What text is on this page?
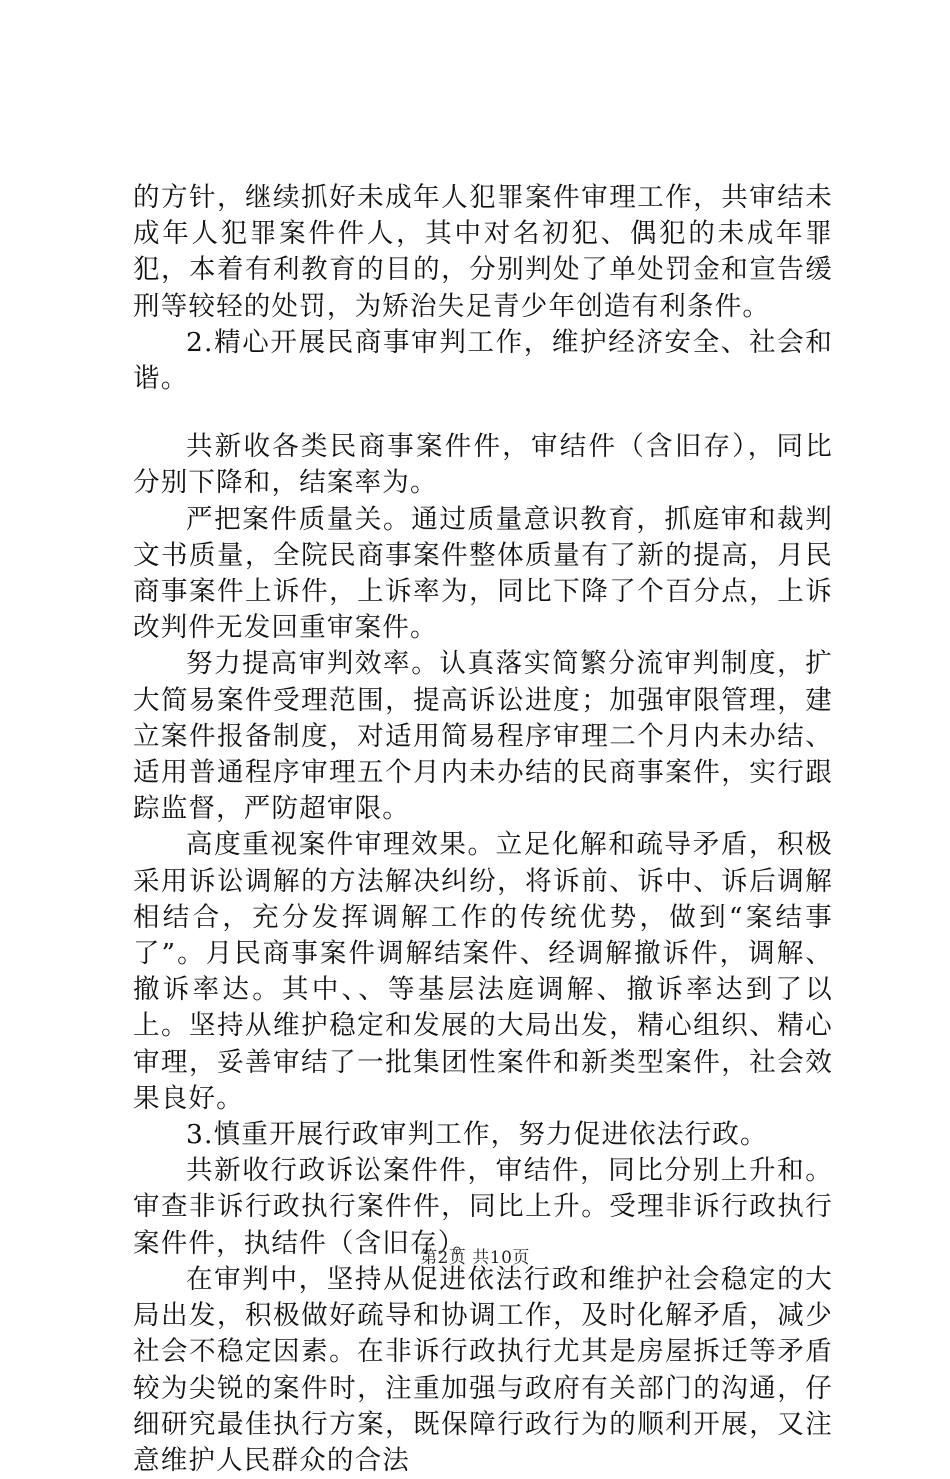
的方针，继续抓好未成年人犯罪案件审理工作，共审结未成年人犯罪案件件人，其中对名初犯、偶犯的未成年罪犯，本着有利教育的目的，分别判处了单处罚金和宣告缓刑等较轻的处罚，为矫治失足青少年创造有利条件。

2.精心开展民商事审判工作，维护经济安全、社会和谐。

共新收各类民商事案件件，审结件（含旧存），同比分别下降和，结案率为。

严把案件质量关。通过质量意识教育，抓庭审和裁判文书质量，全院民商事案件整体质量有了新的提高，月民商事案件上诉件，上诉率为，同比下降了个百分点，上诉改判件无发回重审案件。

努力提高审判效率。认真落实简繁分流审判制度，扩大简易案件受理范围，提高诉讼进度；加强审限管理，建立案件报备制度，对适用简易程序审理二个月内未办结、适用普通程序审理五个月内未办结的民商事案件，实行跟踪监督，严防超审限。

高度重视案件审理效果。立足化解和疏导矛盾，积极采用诉讼调解的方法解决纠纷，将诉前、诉中、诉后调解相结合，充分发挥调解工作的传统优势，做到“案结事了”。月民商事案件调解结案件、经调解撤诉件，调解、撤诉率达。其中、、等基层法庭调解、撤诉率达到了以上。坚持从维护稳定和发展的大局出发，精心组织、精心审理，妥善审结了一批集团性案件和新类型案件，社会效果良好。

3.慎重开展行政审判工作，努力促进依法行政。

共新收行政诉讼案件件，审结件，同比分别上升和。审查非诉行政执行案件件，同比上升。受理非诉行政执行案件件，执结件（含旧存）。

在审判中，坚持从促进依法行政和维护社会稳定的大局出发，积极做好疏导和协调工作，及时化解矛盾，减少社会不稳定因素。在非诉行政执行尤其是房屋拆迁等矛盾较为尖锐的案件时，注重加强与政府有关部门的沟通，仔细研究最佳执行方案，既保障行政行为的顺利开展，又注意维护人民群众的合法

第2页 共10页
